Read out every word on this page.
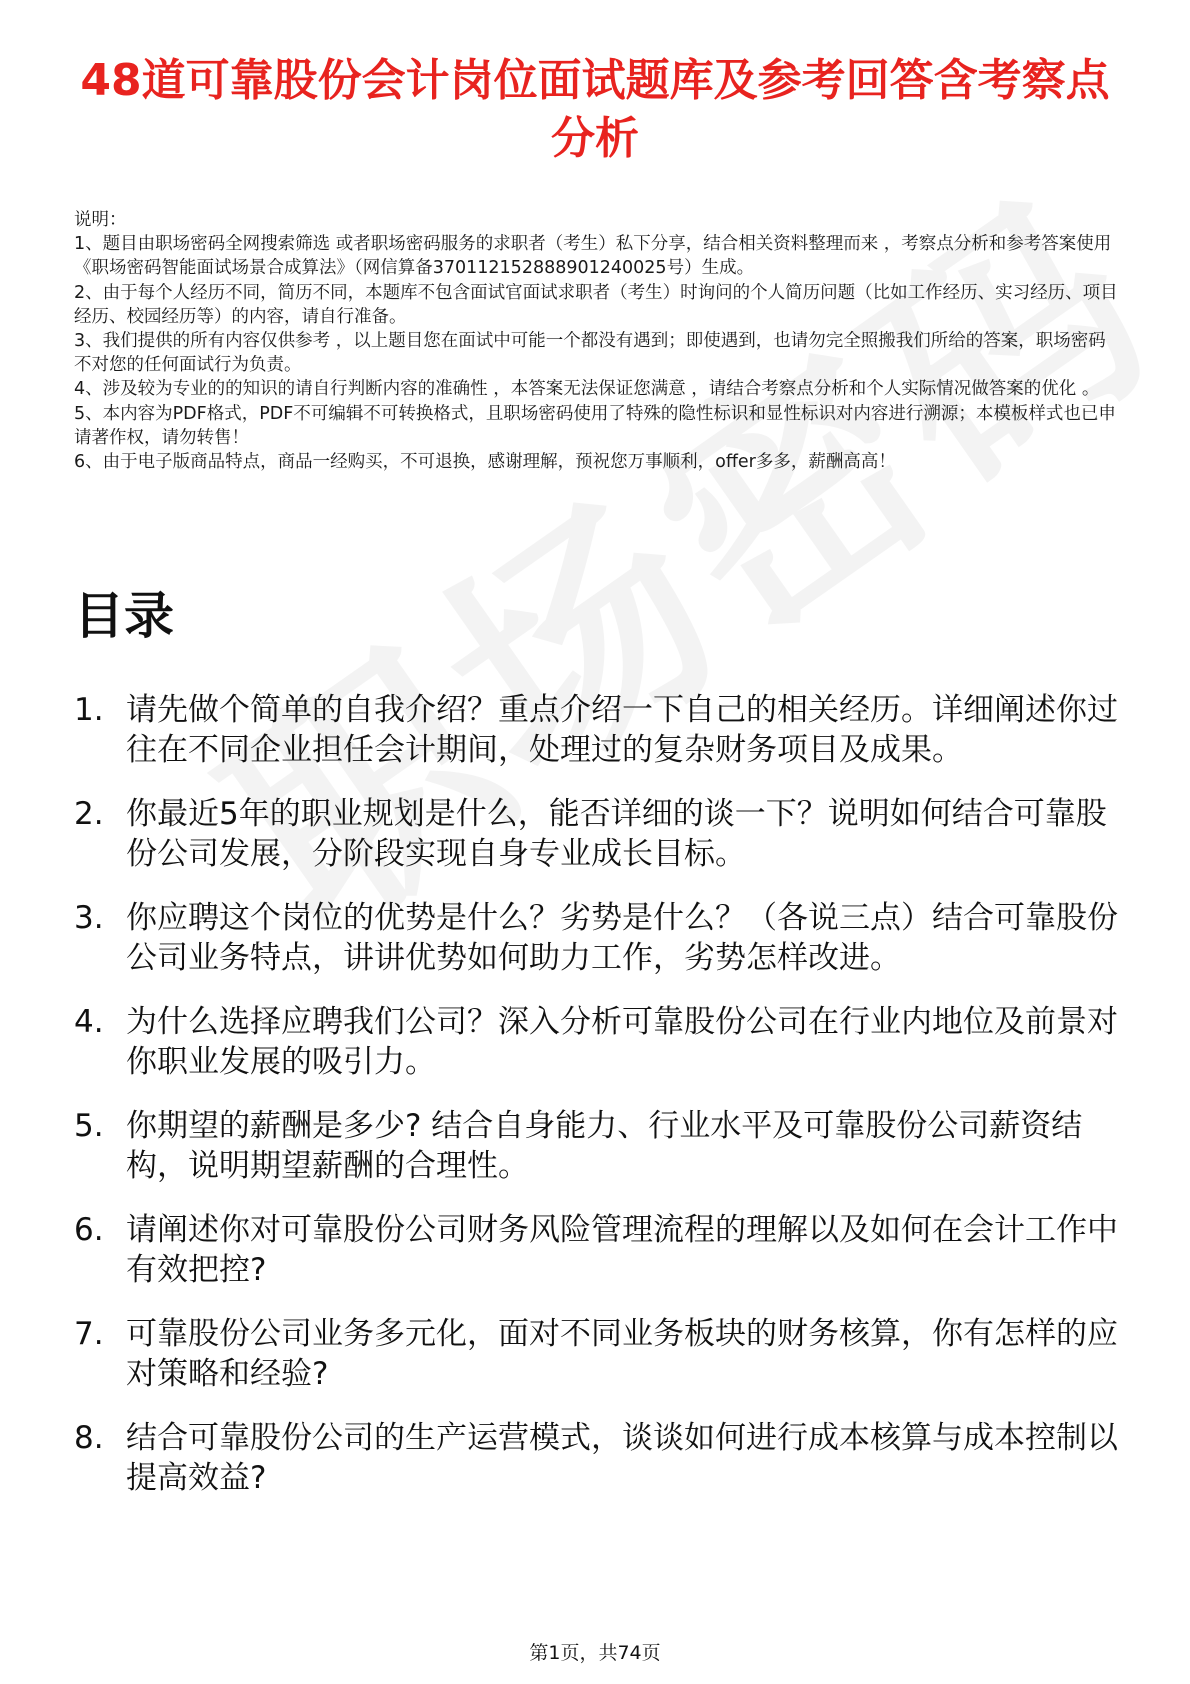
48道可靠股份会计岗位面试题库及参考回答含考察点分析

说明：

1、题目由职场密码全网搜索筛选 或者职场密码服务的求职者（考生）私下分享，结合相关资料整理而来 ，考察点分析和参考答案使用《职场密码智能面试场景合成算法》（网信算备370112152888901240025号）生成。

2、由于每个人经历不同，简历不同，本题库不包含面试官面试求职者（考生）时询问的个人简历问题（比如工作经历、实习经历、项目经历、校园经历等）的内容，请自行准备。

3、我们提供的所有内容仅供参考 ，以上题目您在面试中可能一个都没有遇到；即使遇到，也请勿完全照搬我们所给的答案，职场密码不对您的任何面试行为负责。

4、涉及较为专业的的知识的请自行判断内容的准确性 ，本答案无法保证您满意 ，请结合考察点分析和个人实际情况做答案的优化 。

5、本内容为PDF格式，PDF不可编辑不可转换格式，且职场密码使用了特殊的隐性标识和显性标识对内容进行溯源；本模板样式也已申请著作权，请勿转售！

6、由于电子版商品特点，商品一经购买，不可退换，感谢理解，预祝您万事顺利，offer多多，薪酬高高！

目录
1. 请先做个简单的自我介绍？重点介绍一下自己的相关经历。详细阐述你过往在不同企业担任会计期间，处理过的复杂财务项目及成果。
2. 你最近5年的职业规划是什么，能否详细的谈一下？说明如何结合可靠股份公司发展，分阶段实现自身专业成长目标。
3. 你应聘这个岗位的优势是什么？劣势是什么？（各说三点）结合可靠股份公司业务特点，讲讲优势如何助力工作，劣势怎样改进。
4. 为什么选择应聘我们公司？深入分析可靠股份公司在行业内地位及前景对你职业发展的吸引力。
5. 你期望的薪酬是多少? 结合自身能力、行业水平及可靠股份公司薪资结构，说明期望薪酬的合理性。
6. 请阐述你对可靠股份公司财务风险管理流程的理解以及如何在会计工作中有效把控?
7. 可靠股份公司业务多元化，面对不同业务板块的财务核算，你有怎样的应对策略和经验?
8. 结合可靠股份公司的生产运营模式，谈谈如何进行成本核算与成本控制以提高效益?
第1页，共74页
